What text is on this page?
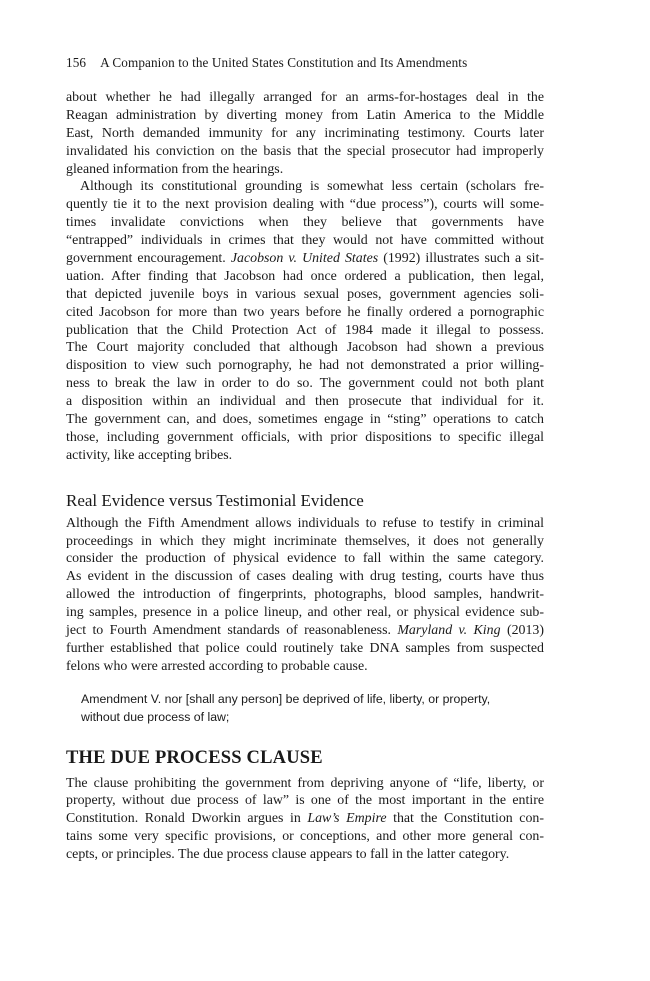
156 A Companion to the United States Constitution and Its Amendments
about whether he had illegally arranged for an arms-for-hostages deal in the
Reagan administration by diverting money from Latin America to the Middle
East, North demanded immunity for any incriminating testimony. Courts later
invalidated his conviction on the basis that the special prosecutor had improperly
gleaned information from the hearings.
Although its constitutional grounding is somewhat less certain (scholars fre-
quently tie it to the next provision dealing with “due process”), courts will some-
times invalidate convictions when they believe that governments have
“entrapped” individuals in crimes that they would not have committed without
government encouragement. Jacobson v. United States (1992) illustrates such a sit-
uation. After finding that Jacobson had once ordered a publication, then legal,
that depicted juvenile boys in various sexual poses, government agencies soli-
cited Jacobson for more than two years before he finally ordered a pornographic
publication that the Child Protection Act of 1984 made it illegal to possess.
The Court majority concluded that although Jacobson had shown a previous
disposition to view such pornography, he had not demonstrated a prior willing-
ness to break the law in order to do so. The government could not both plant
a disposition within an individual and then prosecute that individual for it.
The government can, and does, sometimes engage in “sting” operations to catch
those, including government officials, with prior dispositions to specific illegal
activity, like accepting bribes.
Real Evidence versus Testimonial Evidence
Although the Fifth Amendment allows individuals to refuse to testify in criminal
proceedings in which they might incriminate themselves, it does not generally
consider the production of physical evidence to fall within the same category.
As evident in the discussion of cases dealing with drug testing, courts have thus
allowed the introduction of fingerprints, photographs, blood samples, handwrit-
ing samples, presence in a police lineup, and other real, or physical evidence sub-
ject to Fourth Amendment standards of reasonableness. Maryland v. King (2013)
further established that police could routinely take DNA samples from suspected
felons who were arrested according to probable cause.
Amendment V. nor [shall any person] be deprived of life, liberty, or property,
without due process of law;
THE DUE PROCESS CLAUSE
The clause prohibiting the government from depriving anyone of “life, liberty, or
property, without due process of law” is one of the most important in the entire
Constitution. Ronald Dworkin argues in Law’s Empire that the Constitution con-
tains some very specific provisions, or conceptions, and other more general con-
cepts, or principles. The due process clause appears to fall in the latter category.
